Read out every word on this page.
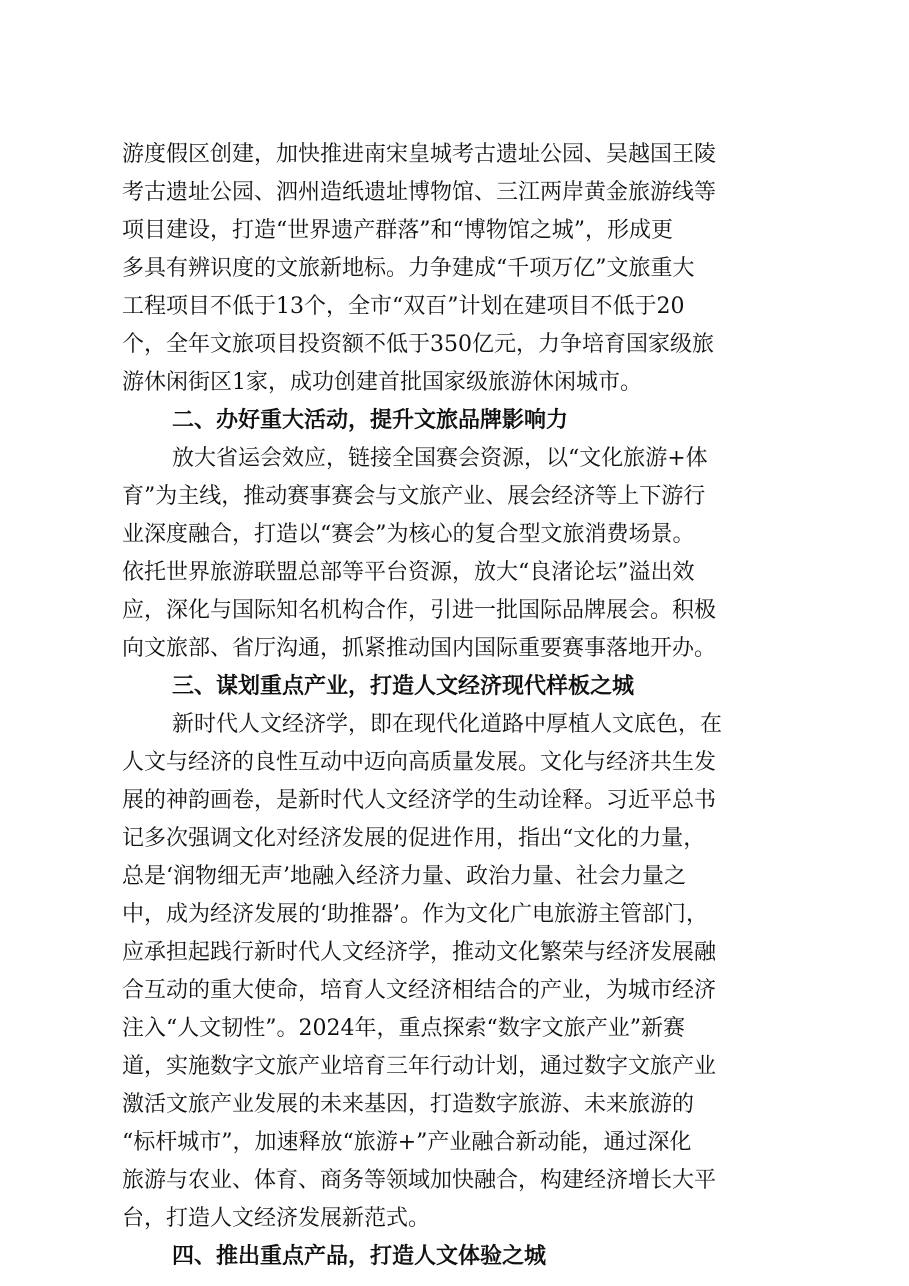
游度假区创建，加快推进南宋皇城考古遗址公园、吴越国王陵
考古遗址公园、泗州造纸遗址博物馆、三江两岸黄金旅游线等
项目建设，打造“世界遗产群落”和“博物馆之城”，形成更
多具有辨识度的文旅新地标。力争建成“千项万亿”文旅重大
工程项目不低于13个，全市“双百”计划在建项目不低于20
个，全年文旅项目投资额不低于350亿元，力争培育国家级旅
游休闲街区1家，成功创建首批国家级旅游休闲城市。
二、办好重大活动，提升文旅品牌影响力
放大省运会效应，链接全国赛会资源，以“文化旅游+体
育”为主线，推动赛事赛会与文旅产业、展会经济等上下游行
业深度融合，打造以“赛会”为核心的复合型文旅消费场景。
依托世界旅游联盟总部等平台资源，放大“良渚论坛”溢出效
应，深化与国际知名机构合作，引进一批国际品牌展会。积极
向文旅部、省厅沟通，抓紧推动国内国际重要赛事落地开办。
三、谋划重点产业，打造人文经济现代样板之城
新时代人文经济学，即在现代化道路中厚植人文底色，在
人文与经济的良性互动中迈向高质量发展。文化与经济共生发
展的神韵画卷，是新时代人文经济学的生动诠释。习近平总书
记多次强调文化对经济发展的促进作用，指出“文化的力量，
总是‘润物细无声’地融入经济力量、政治力量、社会力量之
中，成为经济发展的‘助推器’。作为文化广电旅游主管部门，
应承担起践行新时代人文经济学，推动文化繁荣与经济发展融
合互动的重大使命，培育人文经济相结合的产业，为城市经济
注入“人文韧性”。2024年，重点探索“数字文旅产业”新赛
道，实施数字文旅产业培育三年行动计划，通过数字文旅产业
激活文旅产业发展的未来基因，打造数字旅游、未来旅游的
“标杆城市”，加速释放“旅游+”产业融合新动能，通过深化
旅游与农业、体育、商务等领域加快融合，构建经济增长大平
台，打造人文经济发展新范式。
四、推出重点产品，打造人文体验之城
